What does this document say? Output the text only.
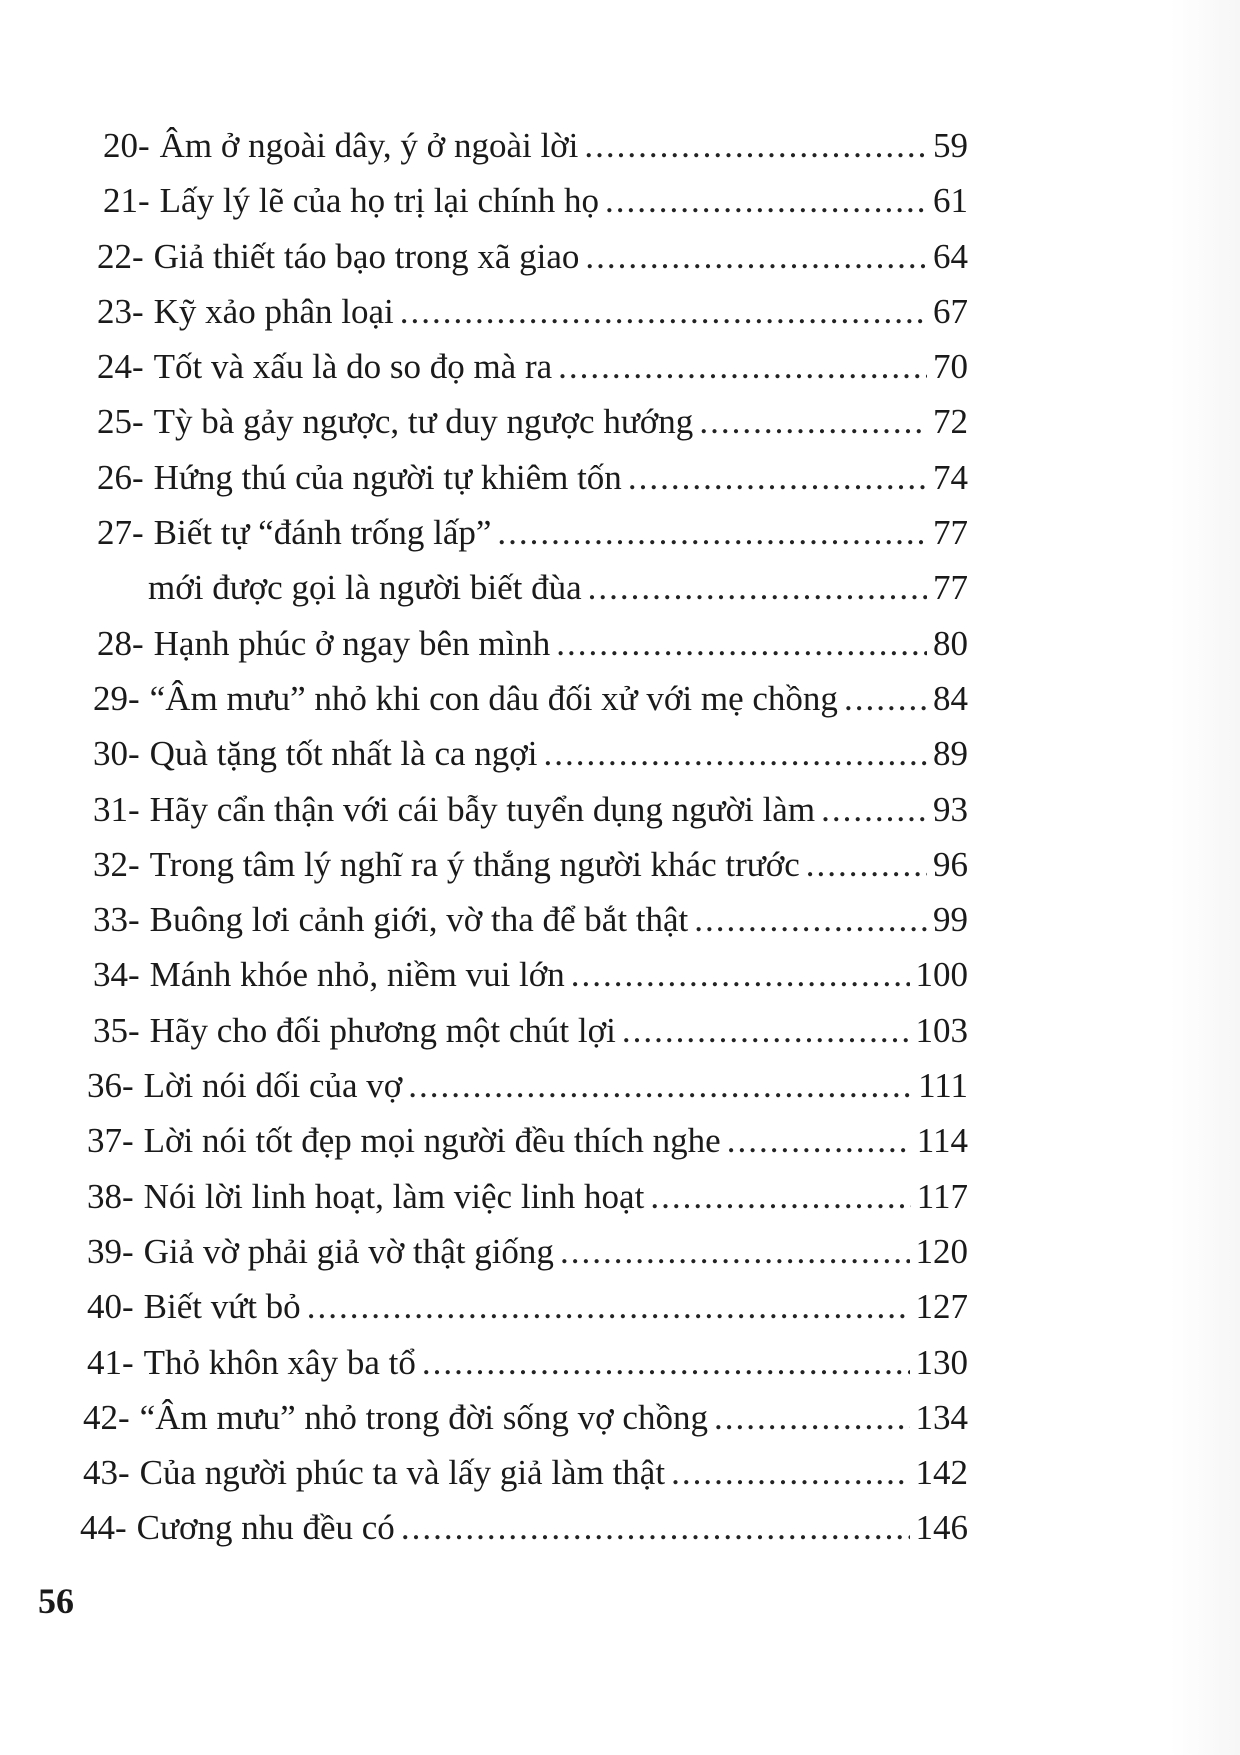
20- Âm ở ngoài dây, ý ở ngoài lời .....	59
21- Lấy lý lẽ của họ trị lại chính họ .....	61
22- Giả thiết táo bạo trong xã giao .....	64
23- Kỹ xảo phân loại .....	67
24- Tốt và xấu là do so đọ mà ra .....	70
25- Tỳ bà gảy ngược, tư duy ngược hướng .....	72
26- Hứng thú của người tự khiêm tốn .....	74
27- Biết tự “đánh trống lấp” .....	77
mới được gọi là người biết đùa .....	77
28- Hạnh phúc ở ngay bên mình .....	80
29- “Âm mưu” nhỏ khi con dâu đối xử với mẹ chồng .....	84
30- Quà tặng tốt nhất là ca ngợi .....	89
31- Hãy cẩn thận với cái bẫy tuyển dụng người làm .....	93
32- Trong tâm lý nghĩ ra ý thắng người khác trước .....	96
33- Buông lơi cảnh giới, vờ tha để bắt thật .....	99
34- Mánh khóe nhỏ, niềm vui lớn .....	100
35- Hãy cho đối phương một chút lợi .....	103
36- Lời nói dối của vợ .....	111
37- Lời nói tốt đẹp mọi người đều thích nghe .....	114
38- Nói lời linh hoạt, làm việc linh hoạt .....	117
39- Giả vờ phải giả vờ thật giống .....	120
40- Biết vứt bỏ .....	127
41- Thỏ khôn xây ba tổ .....	130
42- “Âm mưu” nhỏ trong đời sống vợ chồng .....	134
43- Của người phúc ta và lấy giả làm thật .....	142
44- Cương nhu đều có .....	146
56
